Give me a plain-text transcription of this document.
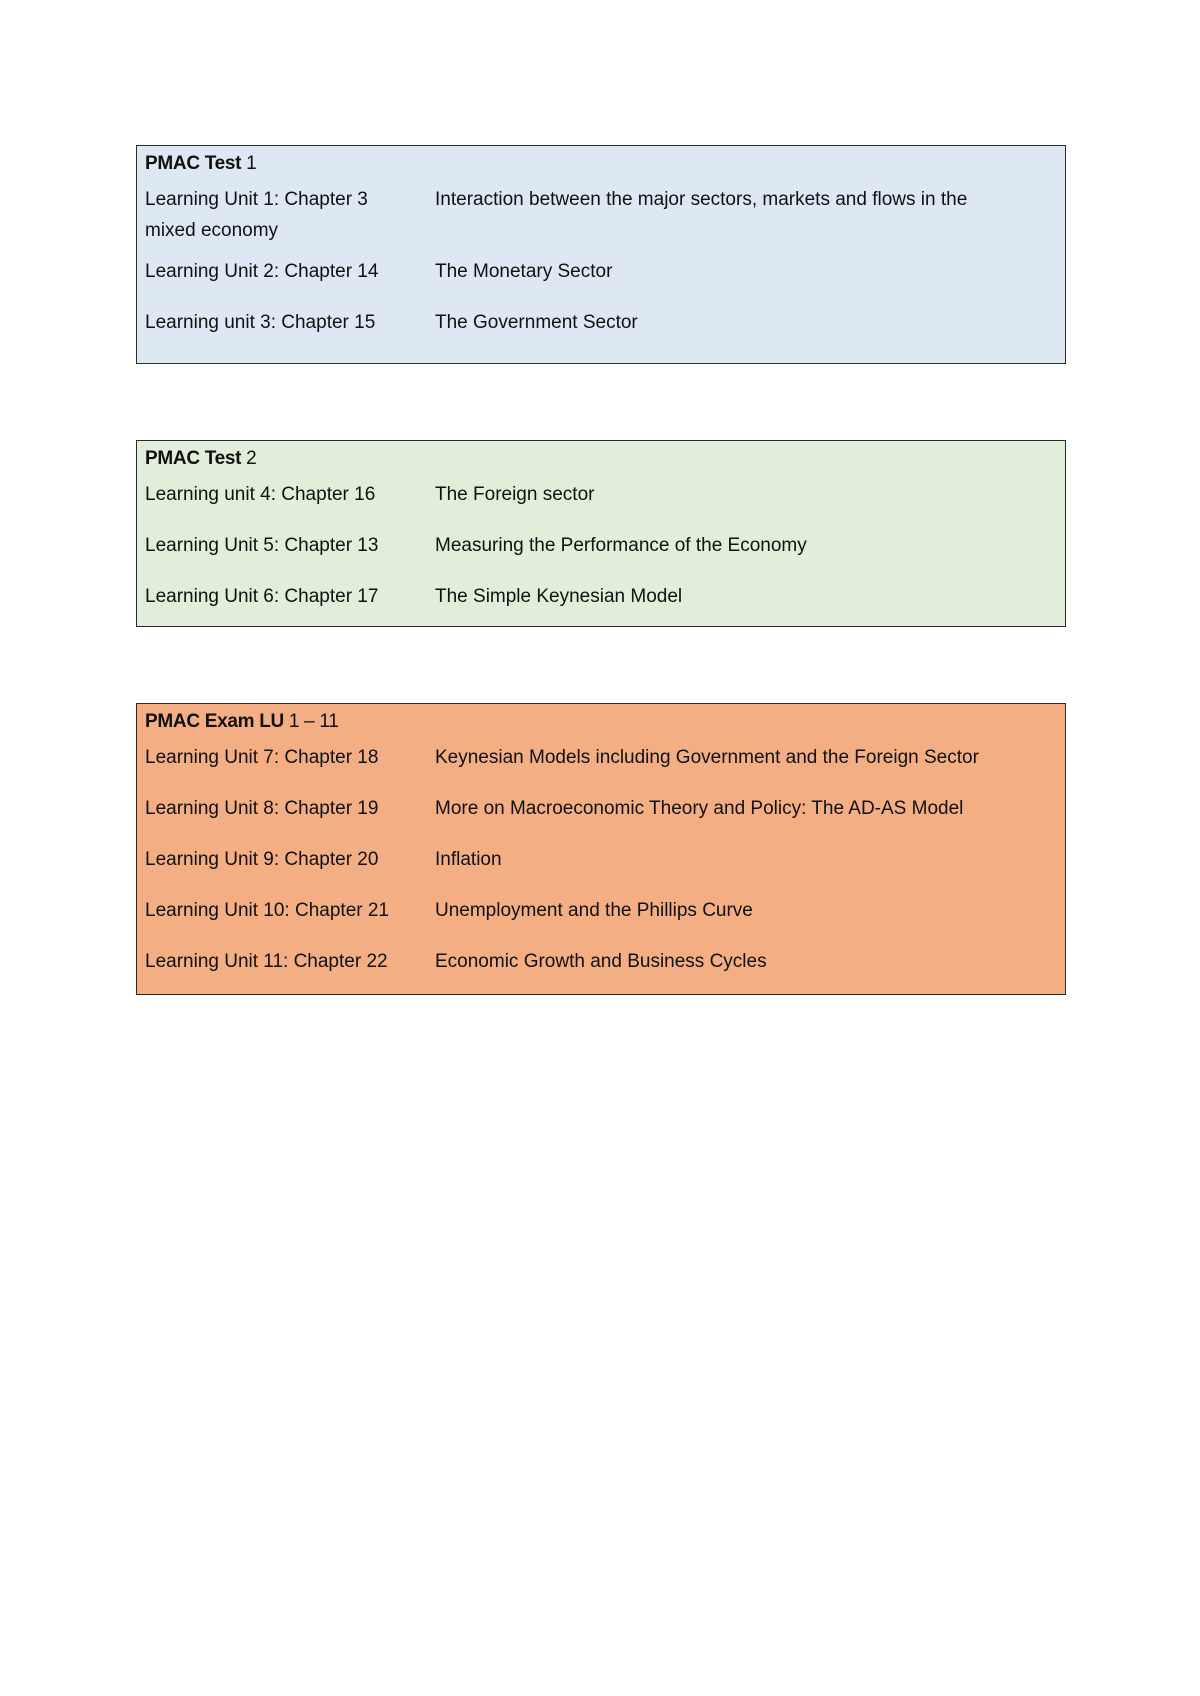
PMAC Test 1
Learning Unit 1: Chapter 3	Interaction between the major sectors, markets and flows in the
mixed economy
Learning Unit 2: Chapter 14	The Monetary Sector
Learning unit 3: Chapter 15	The Government Sector
PMAC Test 2
Learning unit 4: Chapter 16	The Foreign sector
Learning Unit 5: Chapter 13	Measuring the Performance of the Economy
Learning Unit 6: Chapter 17	The Simple Keynesian Model
PMAC Exam LU 1 – 11
Learning Unit 7: Chapter 18	Keynesian Models including Government and the Foreign Sector
Learning Unit 8: Chapter 19	More on Macroeconomic Theory and Policy: The AD-AS Model
Learning Unit 9: Chapter 20	Inflation
Learning Unit 10: Chapter 21 Unemployment and the Phillips Curve
Learning Unit 11: Chapter 22 Economic Growth and Business Cycles
